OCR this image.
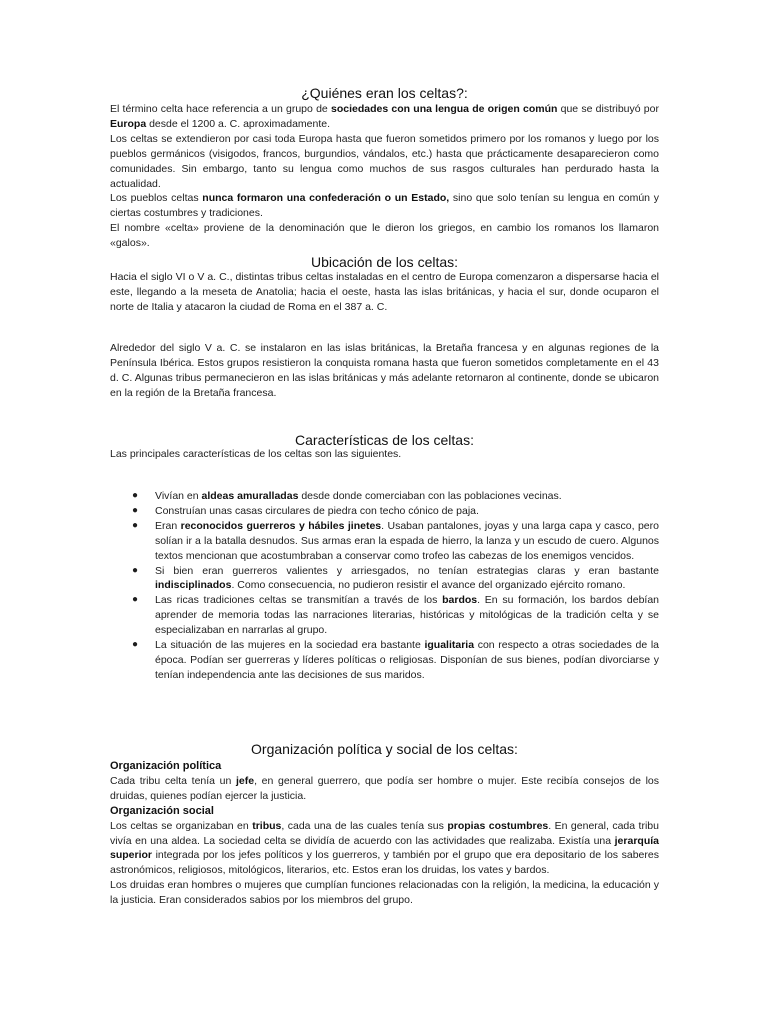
¿Quiénes eran los celtas?:

El término celta hace referencia a un grupo de sociedades con una lengua de origen común que se distribuyó por Europa desde el 1200 a. C. aproximadamente.

Los celtas se extendieron por casi toda Europa hasta que fueron sometidos primero por los romanos y luego por los pueblos germánicos (visigodos, francos, burgundios, vándalos, etc.) hasta que prácticamente desaparecieron como comunidades. Sin embargo, tanto su lengua como muchos de sus rasgos culturales han perdurado hasta la actualidad.

Los pueblos celtas nunca formaron una confederación o un Estado, sino que solo tenían su lengua en común y ciertas costumbres y tradiciones.

El nombre «celta» proviene de la denominación que le dieron los griegos, en cambio los romanos los llamaron «galos».

Ubicación de los celtas:

Hacia el siglo VI o V a. C., distintas tribus celtas instaladas en el centro de Europa comenzaron a dispersarse hacia el este, llegando a la meseta de Anatolia; hacia el oeste, hasta las islas británicas, y hacia el sur, donde ocuparon el norte de Italia y atacaron la ciudad de Roma en el 387 a. C.

Alrededor del siglo V a. C. se instalaron en las islas británicas, la Bretaña francesa y en algunas regiones de la Península Ibérica. Estos grupos resistieron la conquista romana hasta que fueron sometidos completamente en el 43 d. C. Algunas tribus permanecieron en las islas británicas y más adelante retornaron al continente, donde se ubicaron en la región de la Bretaña francesa.

Características de los celtas:

Las principales características de los celtas son las siguientes.

● Vivían en aldeas amuralladas desde donde comerciaban con las poblaciones vecinas.
● Construían unas casas circulares de piedra con techo cónico de paja.
● Eran reconocidos guerreros y hábiles jinetes. Usaban pantalones, joyas y una larga capa y casco, pero solían ir a la batalla desnudos. Sus armas eran la espada de hierro, la lanza y un escudo de cuero. Algunos textos mencionan que acostumbraban a conservar como trofeo las cabezas de los enemigos vencidos.
● Si bien eran guerreros valientes y arriesgados, no tenían estrategias claras y eran bastante indisciplinados. Como consecuencia, no pudieron resistir el avance del organizado ejército romano.
● Las ricas tradiciones celtas se transmitían a través de los bardos. En su formación, los bardos debían aprender de memoria todas las narraciones literarias, históricas y mitológicas de la tradición celta y se especializaban en narrarlas al grupo.
● La situación de las mujeres en la sociedad era bastante igualitaria con respecto a otras sociedades de la época. Podían ser guerreras y líderes políticas o religiosas. Disponían de sus bienes, podían divorciarse y tenían independencia ante las decisiones de sus maridos.
Organización política y social de los celtas:

Organización política

Cada tribu celta tenía un jefe, en general guerrero, que podía ser hombre o mujer. Este recibía consejos de los druidas, quienes podían ejercer la justicia.

Organización social

Los celtas se organizaban en tribus, cada una de las cuales tenía sus propias costumbres. En general, cada tribu vivía en una aldea. La sociedad celta se dividía de acuerdo con las actividades que realizaba. Existía una jerarquía superior integrada por los jefes políticos y los guerreros, y también por el grupo que era depositario de los saberes astronómicos, religiosos, mitológicos, literarios, etc. Estos eran los druidas, los vates y bardos.

Los druidas eran hombres o mujeres que cumplían funciones relacionadas con la religión, la medicina, la educación y la justicia. Eran considerados sabios por los miembros del grupo.
